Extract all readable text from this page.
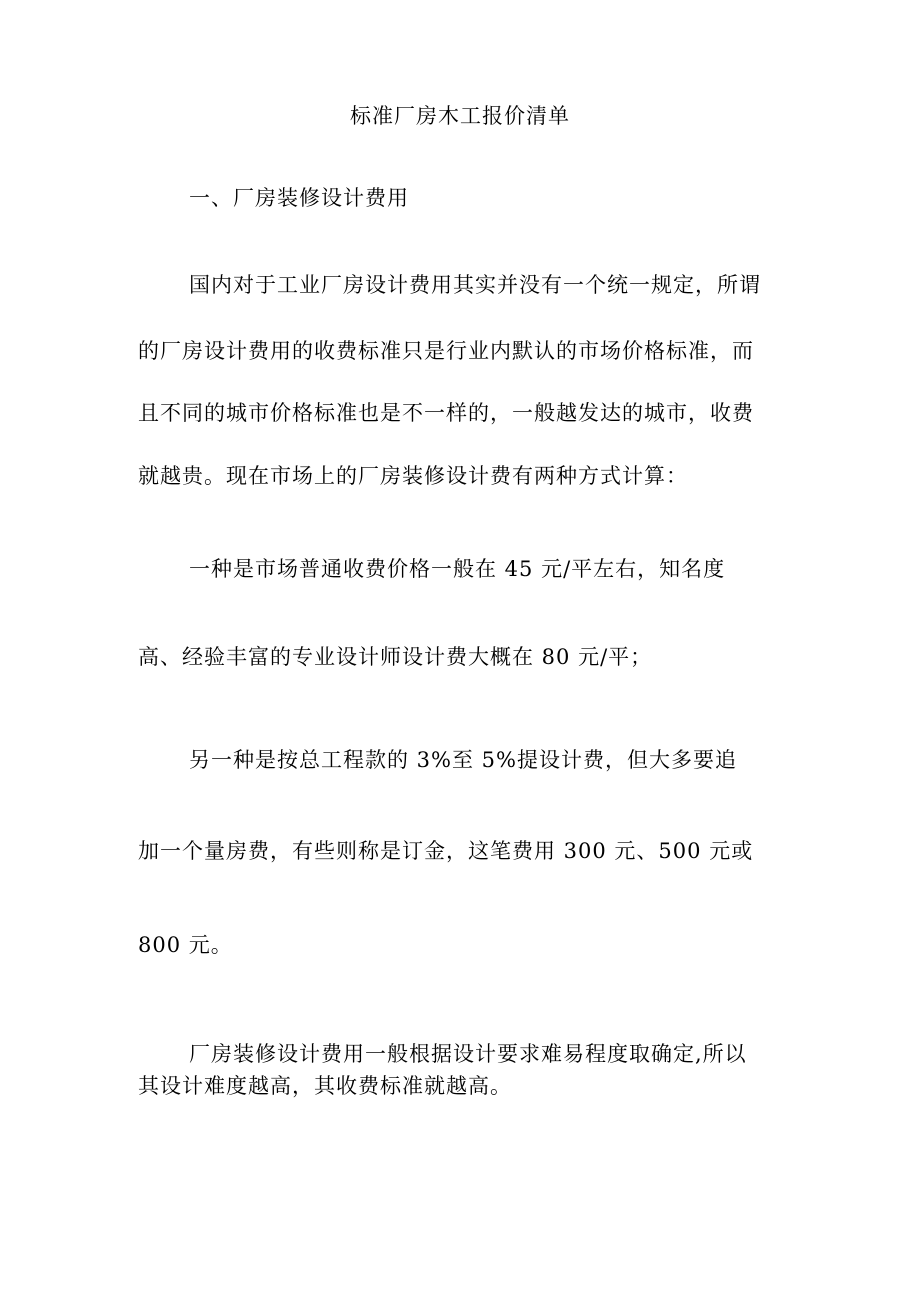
标准厂房木工报价清单
一、厂房装修设计费用
国内对于工业厂房设计费用其实并没有一个统一规定，所谓
的厂房设计费用的收费标准只是行业内默认的市场价格标准，而
且不同的城市价格标准也是不一样的，一般越发达的城市，收费
就越贵。现在市场上的厂房装修设计费有两种方式计算：
一种是市场普通收费价格一般在 45 元/平左右，知名度
高、经验丰富的专业设计师设计费大概在 80 元/平；
另一种是按总工程款的 3%至 5%提设计费，但大多要追
加一个量房费，有些则称是订金，这笔费用 300 元、500 元或
800 元。
厂房装修设计费用一般根据设计要求难易程度取确定,所以
其设计难度越高，其收费标准就越高。
